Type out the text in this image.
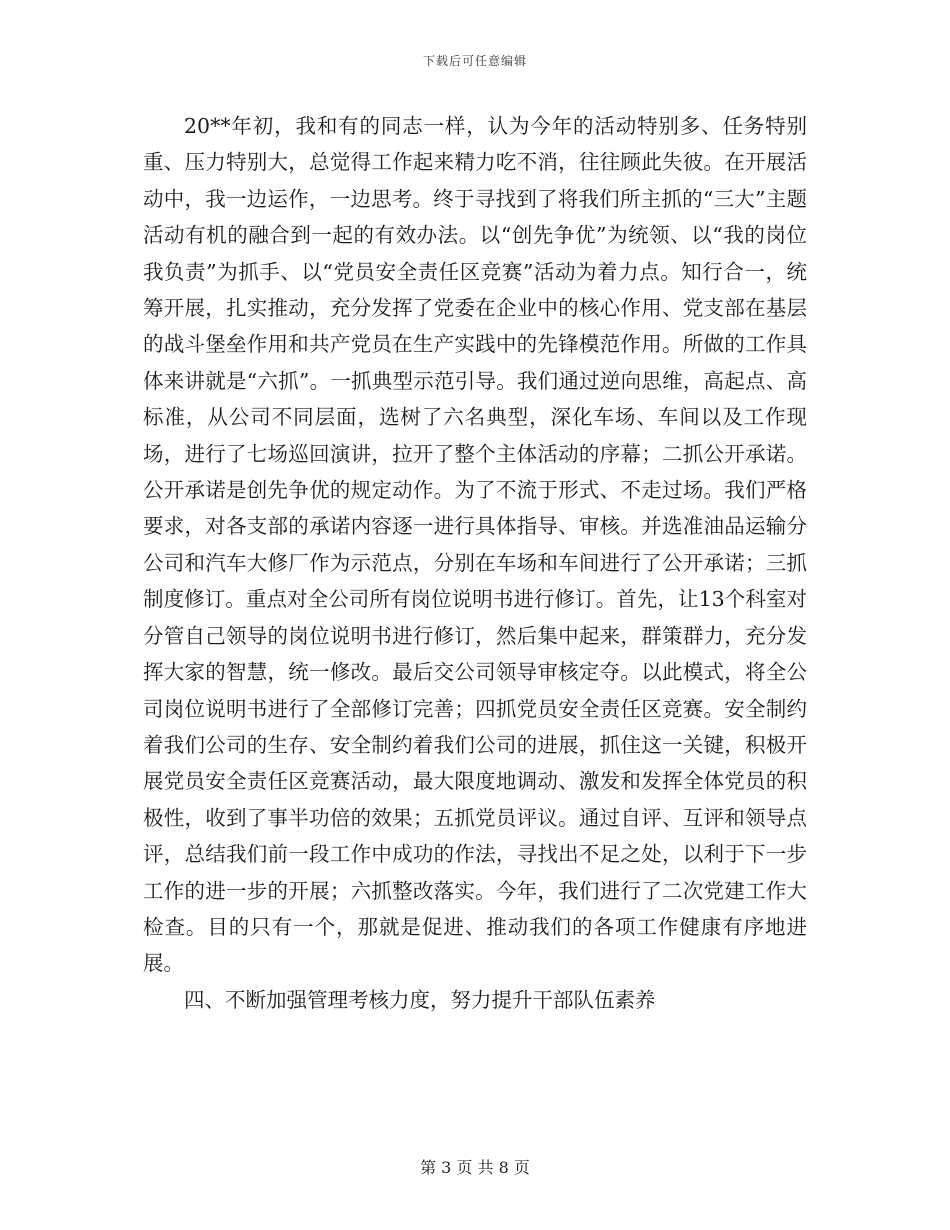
下载后可任意编辑

20**年初，我和有的同志一样，认为今年的活动特别多、任务特别重、压力特别大，总觉得工作起来精力吃不消，往往顾此失彼。在开展活动中，我一边运作，一边思考。终于寻找到了将我们所主抓的“三大”主题活动有机的融合到一起的有效办法。以“创先争优”为统领、以“我的岗位我负责”为抓手、以“党员安全责任区竞赛”活动为着力点。知行合一，统筹开展，扎实推动，充分发挥了党委在企业中的核心作用、党支部在基层的战斗堡垒作用和共产党员在生产实践中的先锋模范作用。所做的工作具体来讲就是“六抓”。一抓典型示范引导。我们通过逆向思维，高起点、高标准，从公司不同层面，选树了六名典型，深化车场、车间以及工作现场，进行了七场巡回演讲，拉开了整个主体活动的序幕；二抓公开承诺。公开承诺是创先争优的规定动作。为了不流于形式、不走过场。我们严格要求，对各支部的承诺内容逐一进行具体指导、审核。并选准油品运输分公司和汽车大修厂作为示范点，分别在车场和车间进行了公开承诺；三抓制度修订。重点对全公司所有岗位说明书进行修订。首先，让13个科室对分管自己领导的岗位说明书进行修订，然后集中起来，群策群力，充分发挥大家的智慧，统一修改。最后交公司领导审核定夺。以此模式，将全公司岗位说明书进行了全部修订完善；四抓党员安全责任区竞赛。安全制约着我们公司的生存、安全制约着我们公司的进展，抓住这一关键，积极开展党员安全责任区竞赛活动，最大限度地调动、激发和发挥全体党员的积极性，收到了事半功倍的效果；五抓党员评议。通过自评、互评和领导点评，总结我们前一段工作中成功的作法，寻找出不足之处，以利于下一步工作的进一步的开展；六抓整改落实。今年，我们进行了二次党建工作大检查。目的只有一个，那就是促进、推动我们的各项工作健康有序地进展。

四、不断加强管理考核力度，努力提升干部队伍素养

第 3 页 共 8 页
